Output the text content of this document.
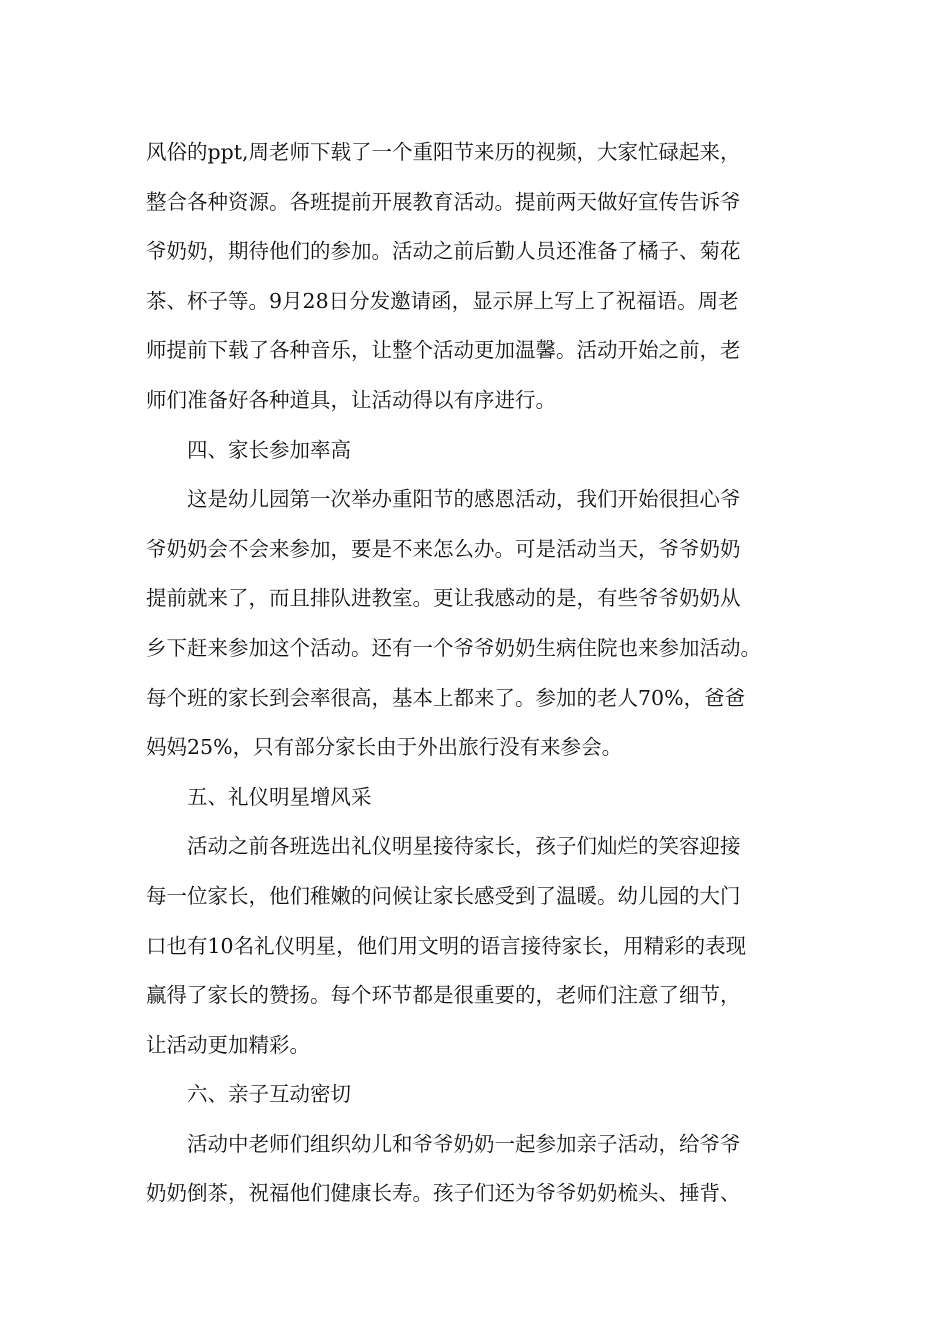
风俗的ppt,周老师下载了一个重阳节来历的视频，大家忙碌起来，
整合各种资源。各班提前开展教育活动。提前两天做好宣传告诉爷
爷奶奶，期待他们的参加。活动之前后勤人员还准备了橘子、菊花
茶、杯子等。9月28日分发邀请函，显示屏上写上了祝福语。周老
师提前下载了各种音乐，让整个活动更加温馨。活动开始之前，老
师们准备好各种道具，让活动得以有序进行。

四、家长参加率高

这是幼儿园第一次举办重阳节的感恩活动，我们开始很担心爷
爷奶奶会不会来参加，要是不来怎么办。可是活动当天，爷爷奶奶
提前就来了，而且排队进教室。更让我感动的是，有些爷爷奶奶从
乡下赶来参加这个活动。还有一个爷爷奶奶生病住院也来参加活动。
每个班的家长到会率很高，基本上都来了。参加的老人70%，爸爸
妈妈25%，只有部分家长由于外出旅行没有来参会。

五、礼仪明星增风采

活动之前各班选出礼仪明星接待家长，孩子们灿烂的笑容迎接
每一位家长，他们稚嫩的问候让家长感受到了温暖。幼儿园的大门
口也有10名礼仪明星，他们用文明的语言接待家长，用精彩的表现
赢得了家长的赞扬。每个环节都是很重要的，老师们注意了细节，
让活动更加精彩。

六、亲子互动密切

活动中老师们组织幼儿和爷爷奶奶一起参加亲子活动，给爷爷
奶奶倒茶，祝福他们健康长寿。孩子们还为爷爷奶奶梳头、捶背、
